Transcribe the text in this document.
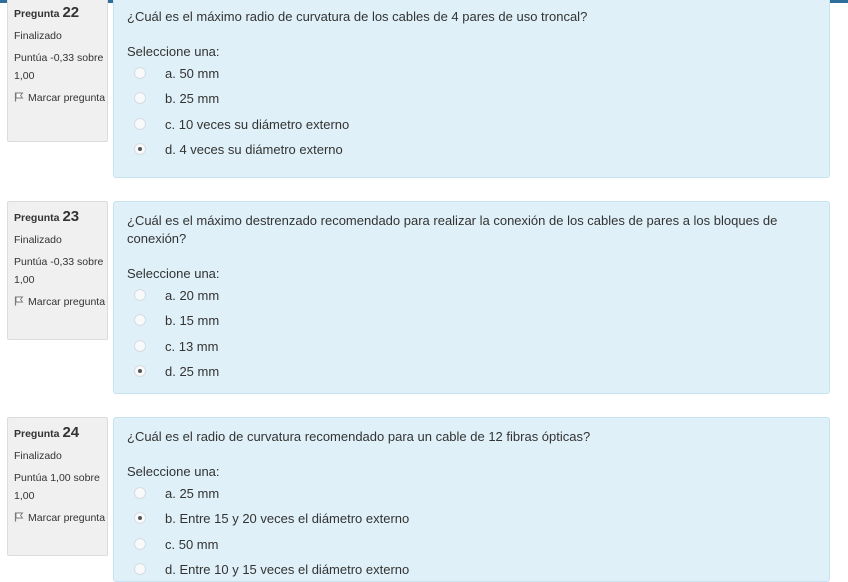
Pregunta 22
Finalizado
Puntúa -0,33 sobre 1,00
Marcar pregunta
¿Cuál es el máximo radio de curvatura de los cables de 4 pares de uso troncal?
Seleccione una:
a. 50 mm
b. 25 mm
c. 10 veces su diámetro externo
d. 4 veces su diámetro externo
Pregunta 23
Finalizado
Puntúa -0,33 sobre 1,00
Marcar pregunta
¿Cuál es el máximo destrenzado recomendado para realizar la conexión de los cables de pares a los bloques de conexión?
Seleccione una:
a. 20 mm
b. 15 mm
c. 13 mm
d. 25 mm
Pregunta 24
Finalizado
Puntúa 1,00 sobre 1,00
Marcar pregunta
¿Cuál es el radio de curvatura recomendado para un cable de 12 fibras ópticas?
Seleccione una:
a. 25 mm
b. Entre 15 y 20 veces el diámetro externo
c. 50 mm
d. Entre 10 y 15 veces el diámetro externo
